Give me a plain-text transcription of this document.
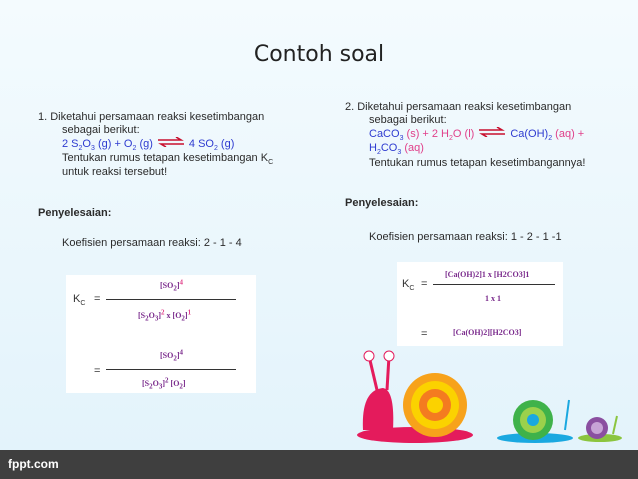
Contoh soal
1. Diketahui persamaan reaksi kesetimbangan
sebagai berikut:
2 $S_2O_3$ $(g) + O_2$ (g) ⇌ 4 $SO_2$ (g)
Tentukan rumus tetapan kesetimbangan $K_C$
untuk reaksi tersebut!
Penyelesaian:
Koefisien persamaan reaksi: 2 - 1 - 4
$K_C$ =
$[SO_2]^4$
$[S_2O_3]^2$ x $[O_2]^1$
=
$[SO_2]^4$
$[S_2O_3]^2$ $[O_2]$
2. Diketahui persamaan reaksi kesetimbangan
sebagai berikut:
CaCO$_3$ (s) + 2 $H_2O$ (l) ⇌ $Ca(OH)_2$ (aq) +
$H_2CO_3$ (aq)
Tentukan rumus tetapan kesetimbangannya!
Penyelesaian:
Koefisien persamaan reaksi: 1 - 2 - 1 -1
$K_C$ =
[Ca(OH)2]1 x [H2CO3]1
1 x 1
=	[Ca(OH)2][H2CO3]
fppt.com
